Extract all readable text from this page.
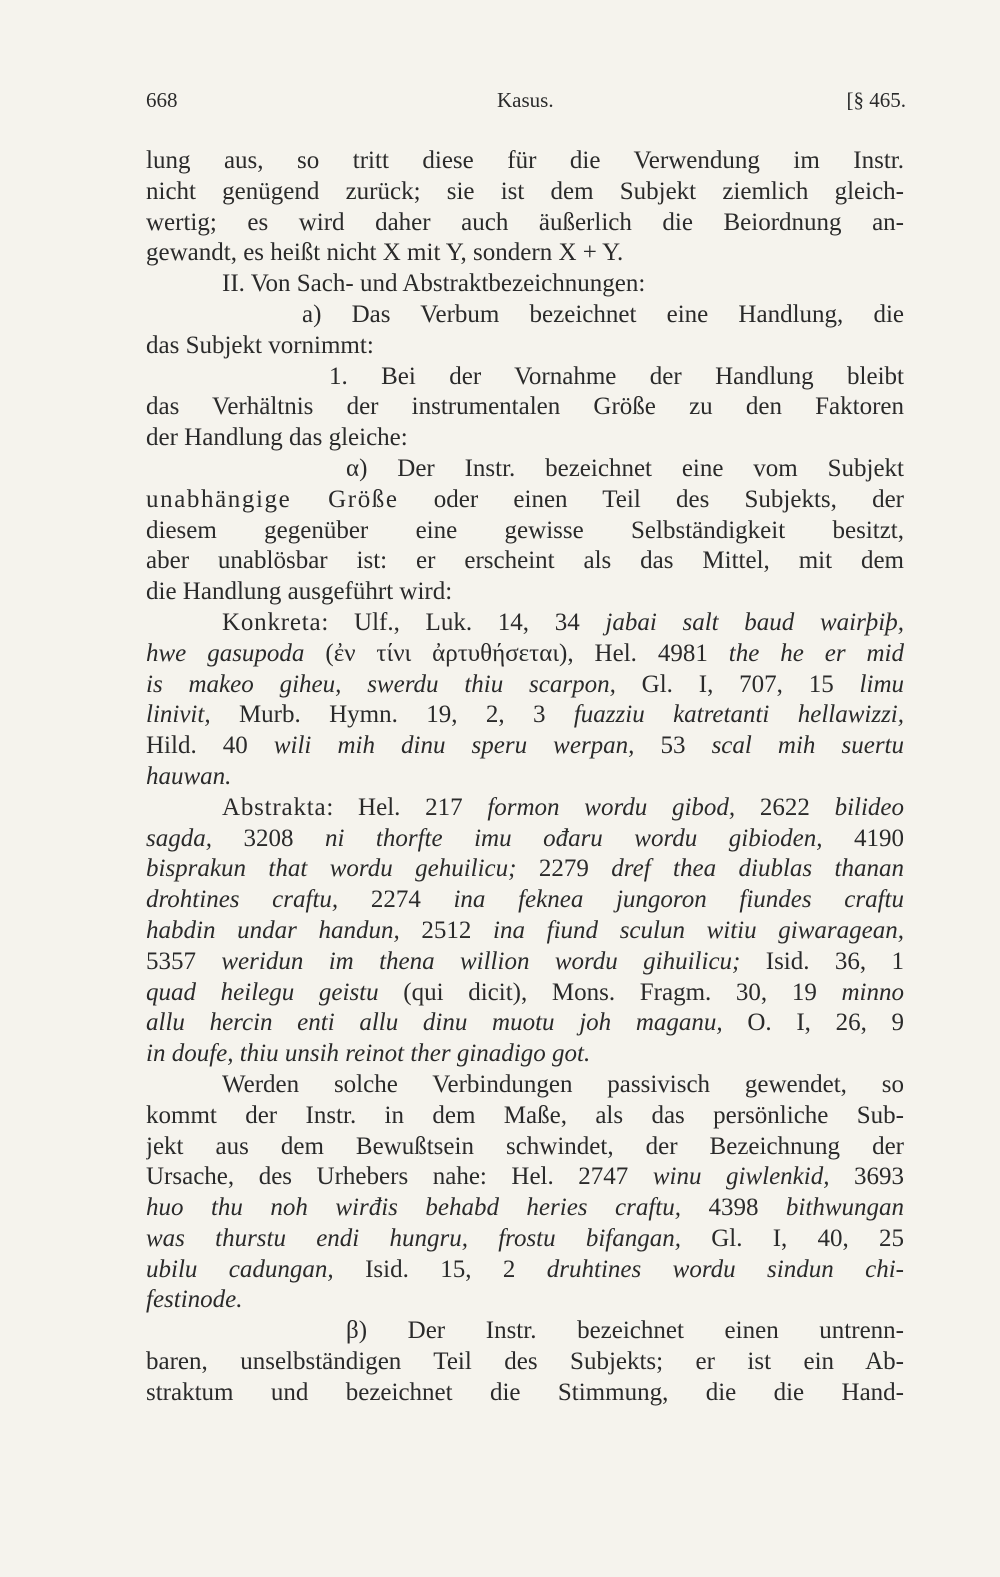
668	Kasus.	[§ 465.
lung aus, so tritt diese für die Verwendung im Instr.
nicht genügend zurück; sie ist dem Subjekt ziemlich gleich-
wertig; es wird daher auch äußerlich die Beiordnung an-
gewandt, es heißt nicht X mit Y, sondern X + Y.
II. Von Sach- und Abstraktbezeichnungen:
a) Das Verbum bezeichnet eine Handlung, die
das Subjekt vornimmt:
1. Bei der Vornahme der Handlung bleibt
das Verhältnis der instrumentalen Größe zu den Faktoren
der Handlung das gleiche:
α) Der Instr. bezeichnet eine vom Subjekt
unabhängige Größe oder einen Teil des Subjekts, der
diesem gegenüber eine gewisse Selbständigkeit besitzt,
aber unablösbar ist: er erscheint als das Mittel, mit dem
die Handlung ausgeführt wird:
Konkreta: Ulf., Luk. 14, 34 jabai salt baud wairþiþ,
hwe gasupoda (ἐν τίνι ἀρτυθήσεται), Hel. 4981 the he er mid
is makeo giheu, swerdu thiu scarpon, Gl. I, 707, 15 limu
linivit, Murb. Hymn. 19, 2, 3 fuazziu katretanti hellawizzi,
Hild. 40 wili mih dinu speru werpan, 53 scal mih suertu
hauwan.
Abstrakta: Hel. 217 formon wordu gibod, 2622 bilideo
sagda, 3208 ni thorfte imu ođaru wordu gibioden, 4190
bisprakun that wordu gehuilicu; 2279 dref thea diublas thanan
drohtines craftu, 2274 ina feknea jungoron fiundes craftu
habdin undar handun, 2512 ina fiund sculun witiu giwaragean,
5357 weridun im thena willion wordu gihuilicu; Isid. 36, 1
quad heilegu geistu (qui dicit), Mons. Fragm. 30, 19 minno
allu hercin enti allu dinu muotu joh maganu, O. I, 26, 9
in doufe, thiu unsih reinot ther ginadigo got.
Werden solche Verbindungen passivisch gewendet, so
kommt der Instr. in dem Maße, als das persönliche Sub-
jekt aus dem Bewußtsein schwindet, der Bezeichnung der
Ursache, des Urhebers nahe: Hel. 2747 winu giwlenkid, 3693
huo thu noh wirđis behabd heries craftu, 4398 bithwungan
was thurstu endi hungru, frostu bifangan, Gl. I, 40, 25
ubilu cadungan, Isid. 15, 2 druhtines wordu sindun chi-
festinode.
β) Der Instr. bezeichnet einen untrenn-
baren, unselbständigen Teil des Subjekts; er ist ein Ab-
straktum und bezeichnet die Stimmung, die die Hand-
